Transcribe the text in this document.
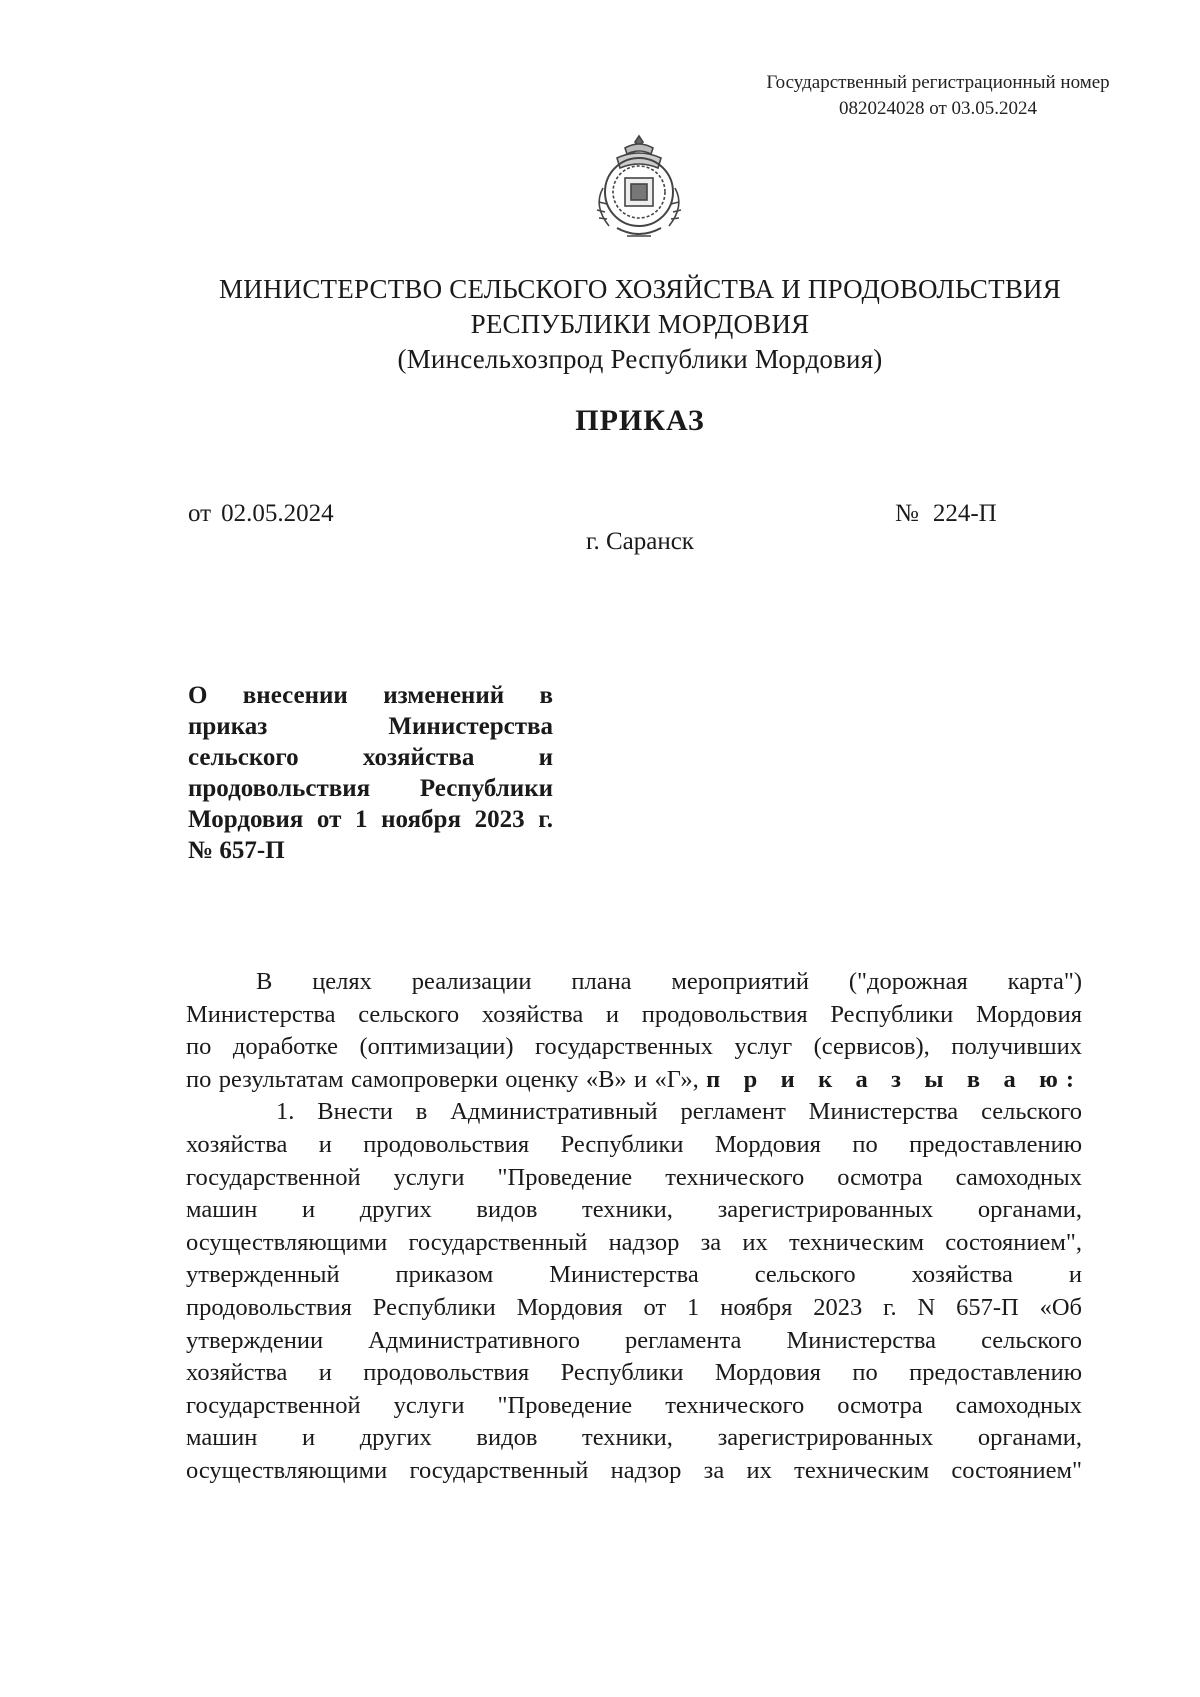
Государственный регистрационный номер
082024028 от 03.05.2024
МИНИСТЕРСТВО СЕЛЬСКОГО ХОЗЯЙСТВА И ПРОДОВОЛЬСТВИЯ
РЕСПУБЛИКИ МОРДОВИЯ
(Минсельхозпрод Республики Мордовия)
ПРИКАЗ
от 02.05.2024
г. Саранск
№ 224-П
О внесении изменений в
приказ Министерства
сельского хозяйства и
продовольствия Республики
Мордовия от 1 ноября 2023 г.
№ 657-П

В целях реализации плана мероприятий ("дорожная карта")
Министерства сельского хозяйства и продовольствия Республики Мордовия
по доработке (оптимизации) государственных услуг (сервисов), получивших
по результатам самопроверки оценку «В» и «Г», п р и к а з ы в а ю:

1. Внести в Административный регламент Министерства сельского
хозяйства и продовольствия Республики Мордовия по предоставлению
государственной услуги "Проведение технического осмотра самоходных
машин и других видов техники, зарегистрированных органами,
осуществляющими государственный надзор за их техническим состоянием",
утвержденный приказом Министерства сельского хозяйства и
продовольствия Республики Мордовия от 1 ноября 2023 г. N 657-П «Об
утверждении Административного регламента Министерства сельского
хозяйства и продовольствия Республики Мордовия по предоставлению
государственной услуги "Проведение технического осмотра самоходных
машин и других видов техники, зарегистрированных органами,
осуществляющими государственный надзор за их техническим состоянием"
